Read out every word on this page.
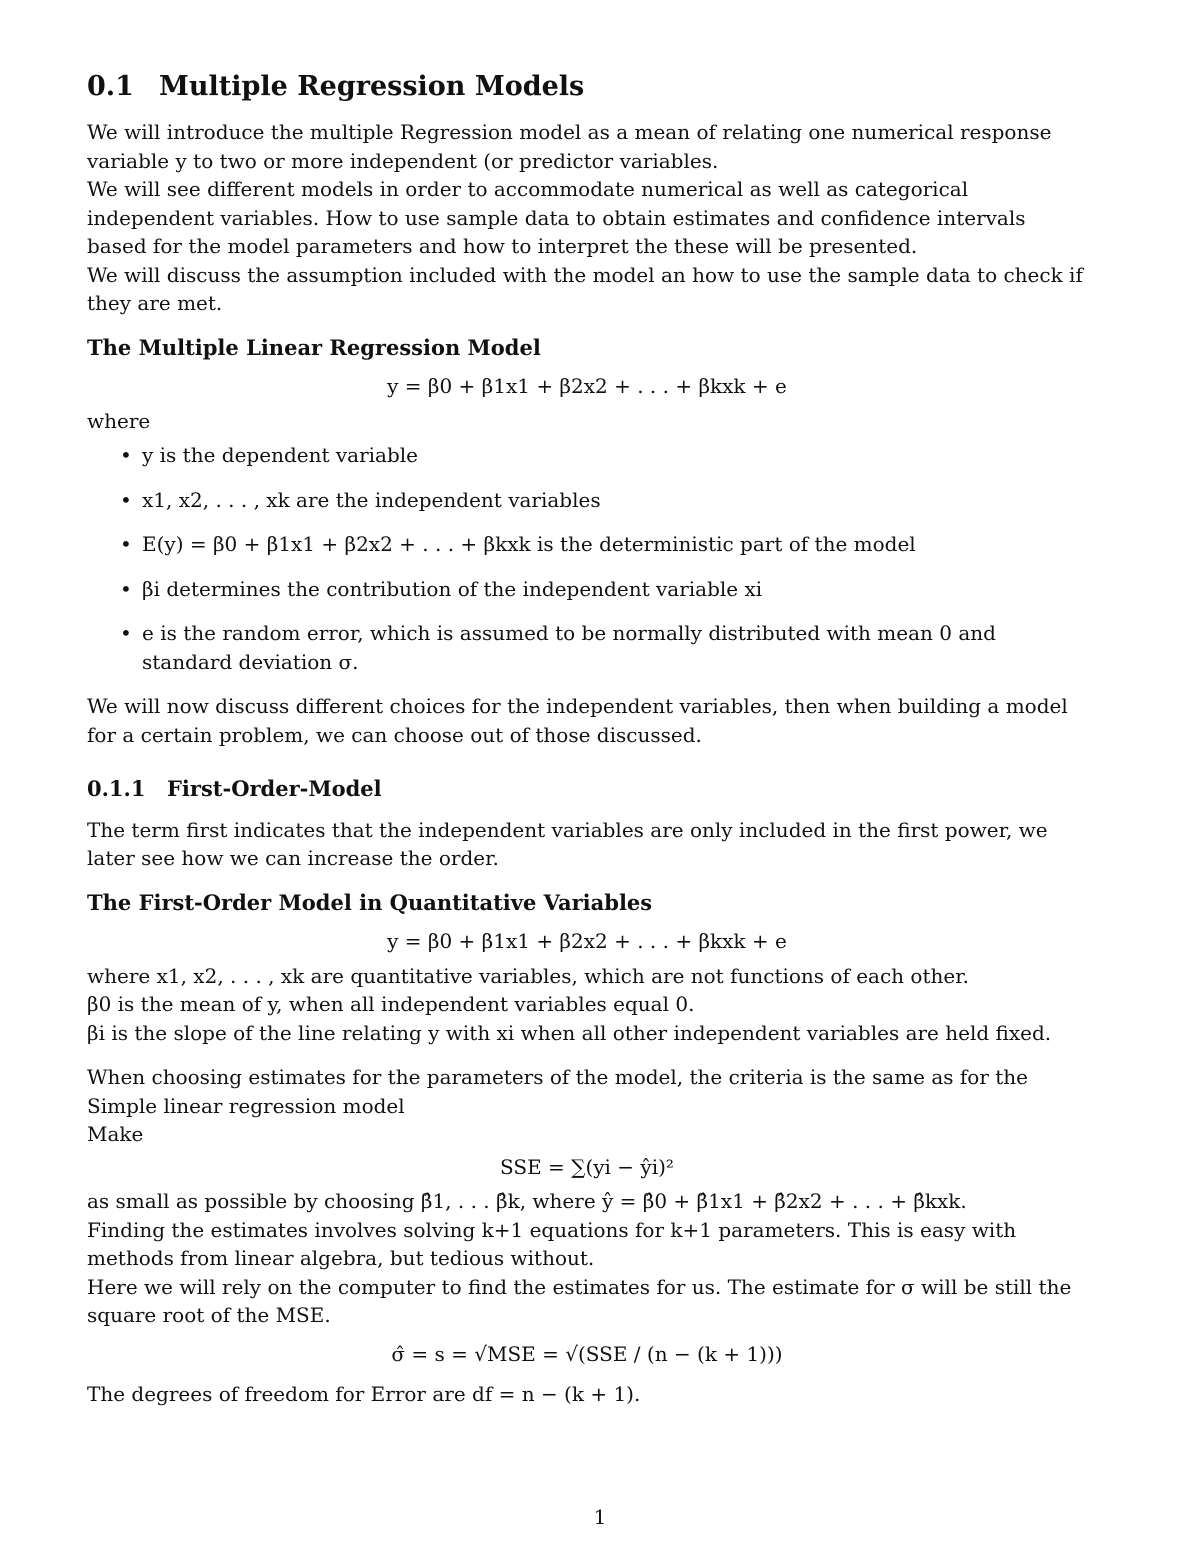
0.1 Multiple Regression Models

We will introduce the multiple Regression model as a mean of relating one numerical response variable y to two or more independent (or predictor variables.

We will see different models in order to accommodate numerical as well as categorical independent variables. How to use sample data to obtain estimates and confidence intervals based for the model parameters and how to interpret the these will be presented.

We will discuss the assumption included with the model an how to use the sample data to check if they are met.

The Multiple Linear Regression Model
y = β0 + β1x1 + β2x2 + . . . + βkxk + e

where

• y is the dependent variable
• x1, x2, . . . , xk are the independent variables
• E(y) = β0 + β1x1 + β2x2 + . . . + βkxk is the deterministic part of the model
• βi determines the contribution of the independent variable xi
• e is the random error, which is assumed to be normally distributed with mean 0 and standard deviation σ.

We will now discuss different choices for the independent variables, then when building a model for a certain problem, we can choose out of those discussed.

0.1.1 First-Order-Model

The term first indicates that the independent variables are only included in the first power, we later see how we can increase the order.

The First-Order Model in Quantitative Variables
y = β0 + β1x1 + β2x2 + . . . + βkxk + e

where x1, x2, . . . , xk are quantitative variables, which are not functions of each other.

β0 is the mean of y, when all independent variables equal 0.

βi is the slope of the line relating y with xi when all other independent variables are held fixed.

When choosing estimates for the parameters of the model, the criteria is the same as for the Simple linear regression model

Make

SSE = ∑(yi − ŷi)²

as small as possible by choosing β̂1, . . . β̂k, where ŷ = β̂0 + β̂1x1 + β̂2x2 + . . . + β̂kxk.

Finding the estimates involves solving k+1 equations for k+1 parameters. This is easy with methods from linear algebra, but tedious without.

Here we will rely on the computer to find the estimates for us. The estimate for σ will be still the square root of the MSE.

σ̂ = s = √MSE = √(SSE / (n − (k + 1)))

The degrees of freedom for Error are df = n − (k + 1).

1
